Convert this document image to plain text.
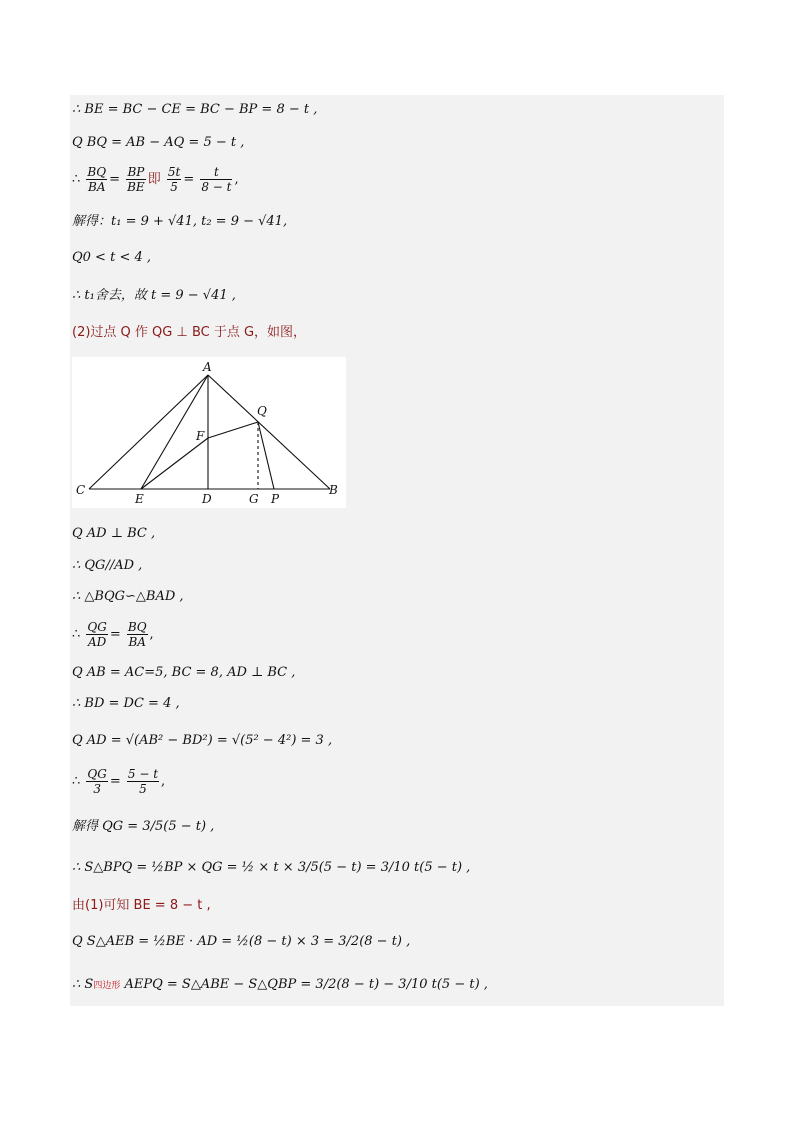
∴ BE = BC − CE = BC − BP = 8 − t ,
Q BQ = AB − AQ = 5 − t ,
∴ $\frac{BQ}{BA} = \frac{BP}{BE}$ 即 $\frac{5t}{5} = \frac{t}{8 - t}$ ,
解得：t₁ = 9 + √41, t₂ = 9 − √41,
Q0 < t < 4 ,
∴ t₁舍去，故 t = 9 − √41 ,
(2)过点 Q 作 QG ⊥ BC 于点 G，如图，
A
Q
F
C
E	D	G P
B
Q AD ⊥ BC ,
∴ QG//AD ,
∴ △BQG∽△BAD ,
∴ $\frac{QG}{AD} = \frac{BQ}{BA}$ ,
Q AB = AC=5, BC = 8, AD ⊥ BC ,
∴ BD = DC = 4 ,
Q AD = √(AB² − BD²) = √(5² − 4²) = 3 ,
∴ $\frac{QG}{3} = \frac{5 - t}{5}$ ,
解得 QG = 3/5(5 − t) ,
∴ S△BPQ = ½BP × QG = ½ × t × 3/5(5 − t) = 3/10 t(5 − t) ,
由(1)可知 BE = 8 − t ,
Q S△AEB = ½BE · AD = ½(8 − t) × 3 = 3/2(8 − t) ,
∴ S四边形 AEPQ = S△ABE − S△QBP = 3/2(8 − t) − 3/10 t(5 − t) ,
